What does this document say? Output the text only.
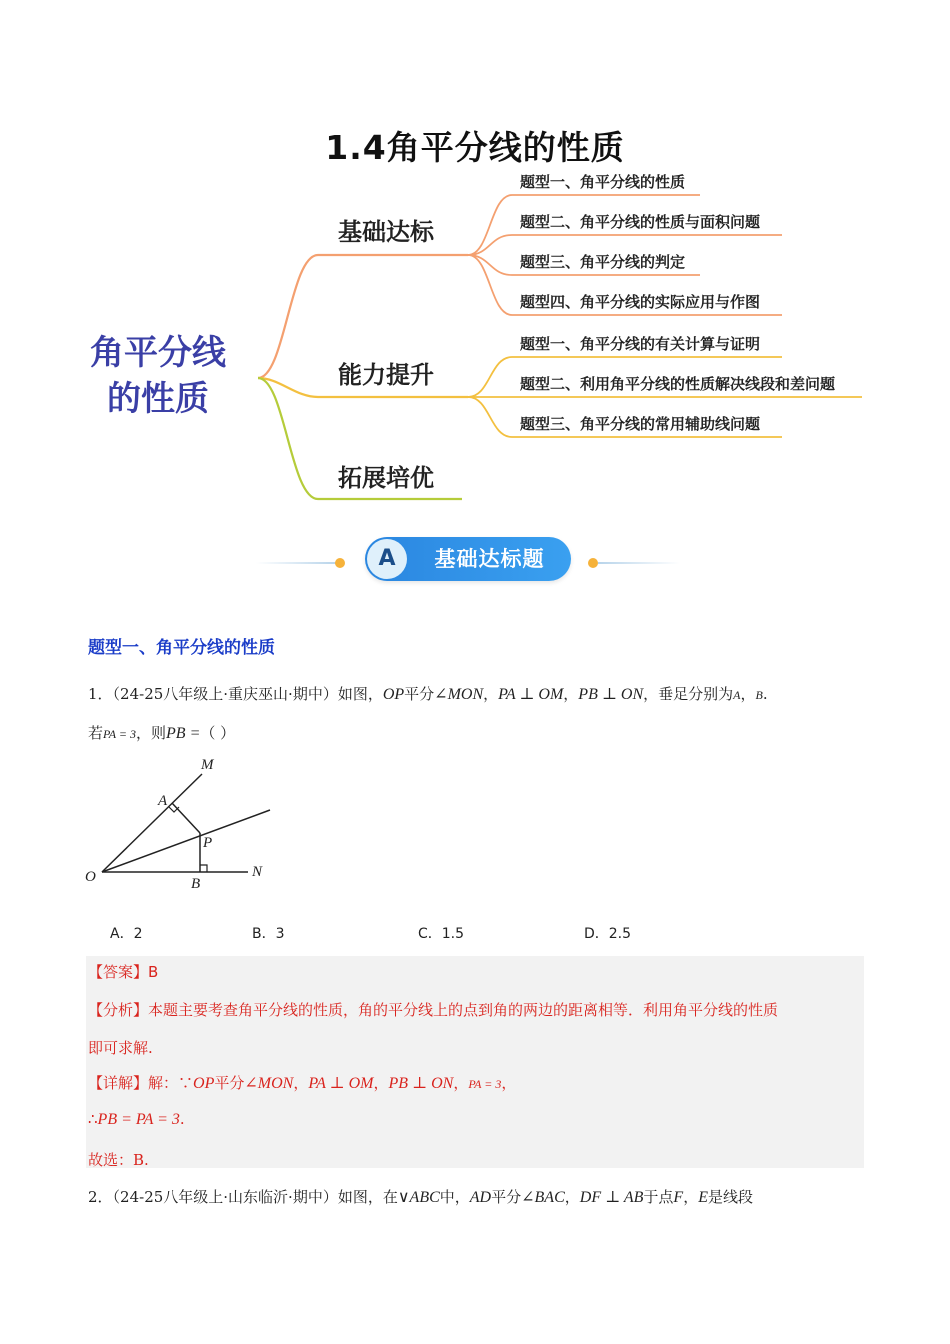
1.4角平分线的性质
角平分线
的性质
基础达标
能力提升
拓展培优
题型一、角平分线的性质
题型二、角平分线的性质与面积问题
题型三、角平分线的判定
题型四、角平分线的实际应用与作图
题型一、角平分线的有关计算与证明
题型二、利用角平分线的性质解决线段和差问题
题型三、角平分线的常用辅助线问题
A	基础达标题
题型一、角平分线的性质
1．（24-25八年级上·重庆巫山·期中）如图，OP平分∠MON，PA ⊥ OM，PB ⊥ ON，垂足分别为A，B.
若PA = 3，则PB =（ ）
M
A
P
O	B
N
A．2	B．3	C．1.5	D．2.5
【答案】B
【分析】本题主要考查角平分线的性质，角的平分线上的点到角的两边的距离相等．利用角平分线的性质
即可求解.
【详解】解：∵OP平分∠MON，PA ⊥ OM，PB ⊥ ON，PA = 3，
∴PB = PA = 3.
故选：B.
2．（24-25八年级上·山东临沂·期中）如图，在∨ABC中，AD平分∠BAC，DF ⊥ AB于点F，E是线段
